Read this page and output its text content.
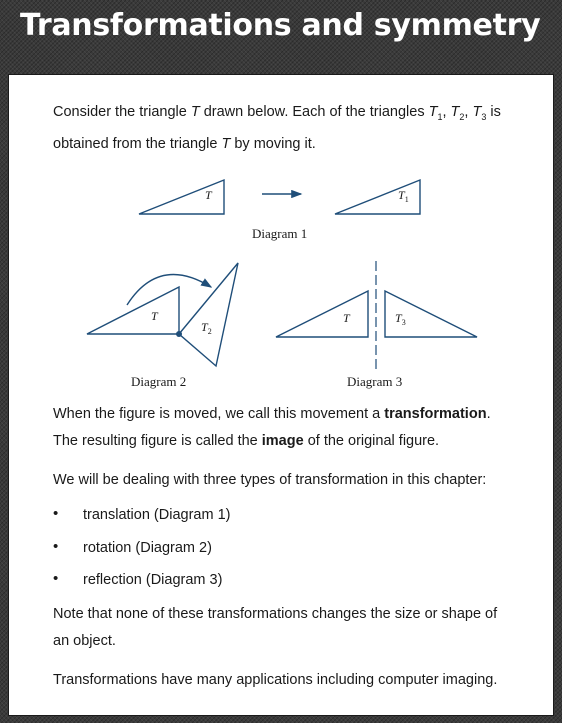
Transformations and symmetry

Consider the triangle T drawn below. Each of the triangles $T_1$, $T_2$, $T_3$ is obtained from the triangle T by moving it.

T	$T_1$
Diagram 1
T
$T_2$
Diagram 2
T	$T_3$
Diagram 3

When the figure is moved, we call this movement a transformation. The resulting figure is called the image of the original figure.

We will be dealing with three types of transformation in this chapter:

• translation (Diagram 1)
• rotation (Diagram 2)
• reflection (Diagram 3)

Note that none of these transformations changes the size or shape of an object.

Transformations have many applications including computer imaging.
